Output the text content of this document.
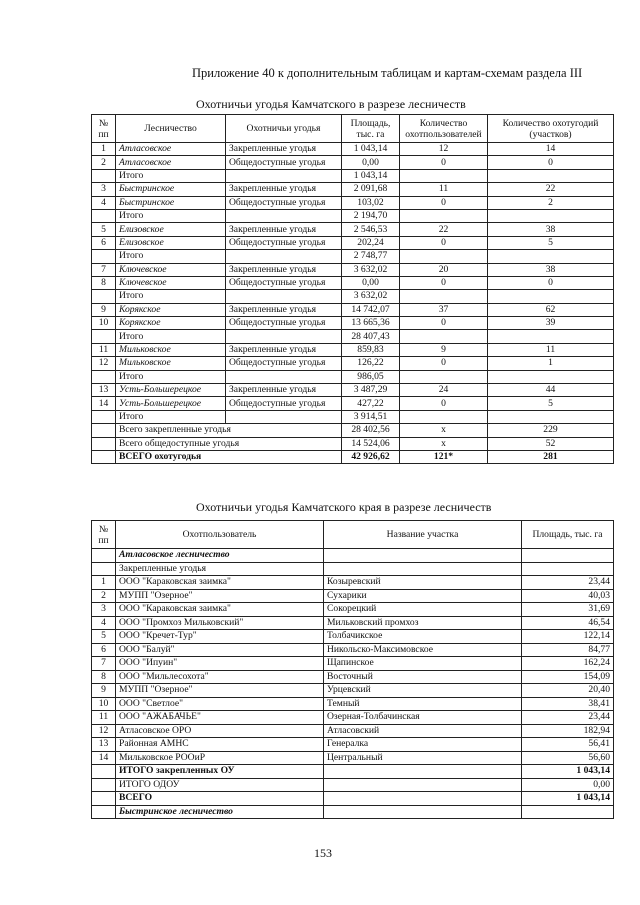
Приложение 40 к дополнительным таблицам и картам-схемам раздела III
Охотничьи угодья Камчатского в разрезе лесничеств
№ пп	Лесничество	Охотничьи угодья	Площадь, тыс. га	Количество охотпользователей	Количество охотугодий (участков)
1	Атласовское	Закрепленные угодья	1 043,14	12	14
2	Атласовское	Общедоступные угодья	0,00	0	0
	Итого		1 043,14		
3	Быстринское	Закрепленные угодья	2 091,68	11	22
4	Быстринское	Общедоступные угодья	103,02	0	2
	Итого		2 194,70		
5	Елизовское	Закрепленные угодья	2 546,53	22	38
6	Елизовское	Общедоступные угодья	202,24	0	5
	Итого		2 748,77		
7	Ключевское	Закрепленные угодья	3 632,02	20	38
8	Ключевское	Общедоступные угодья	0,00	0	0
	Итого		3 632,02		
9	Корякское	Закрепленные угодья	14 742,07	37	62
10	Корякское	Общедоступные угодья	13 665,36	0	39
	Итого		28 407,43		
11	Мильковское	Закрепленные угодья	859,83	9	11
12	Мильковское	Общедоступные угодья	126,22	0	1
	Итого		986,05		
13	Усть-Большерецкое	Закрепленные угодья	3 487,29	24	44
14	Усть-Большерецкое	Общедоступные угодья	427,22	0	5
	Итого		3 914,51		
	Всего закрепленные угодья		28 402,56	х	229
	Всего общедоступные угодья		14 524,06	х	52
	ВСЕГО охотугодья		42 926,62	121*	281
Охотничьи угодья Камчатского края в разрезе лесничеств
№ пп	Охотпользователь	Название участка	Площадь, тыс. га
	Атласовское лесничество		
	Закрепленные угодья		
1	ООО "Караковская заимка"	Козыревский	23,44
2	МУПП "Озерное"	Сухарики	40,03
3	ООО "Караковская заимка"	Сокорецкий	31,69
4	ООО "Промхоз Мильковский"	Мильковский промхоз	46,54
5	ООО "Кречет-Тур"	Толбачикское	122,14
6	ООО "Балуй"	Никольско-Максимовское	84,77
7	ООО "Ипуин"	Щапинское	162,24
8	ООО "Мильлесохота"	Восточный	154,09
9	МУПП "Озерное"	Урцевский	20,40
10	ООО "Светлое"	Темный	38,41
11	ООО "АЖАБАЧЬЕ"	Озерная-Толбачинская	23,44
12	Атласовское ОРО	Атласовский	182,94
13	Районная АМНС	Генералка	56,41
14	Мильковское РООиР	Центральный	56,60
	ИТОГО закрепленных ОУ		1 043,14
	ИТОГО ОДОУ		0,00
	ВСЕГО		1 043,14
	Быстринское лесничество		
153
